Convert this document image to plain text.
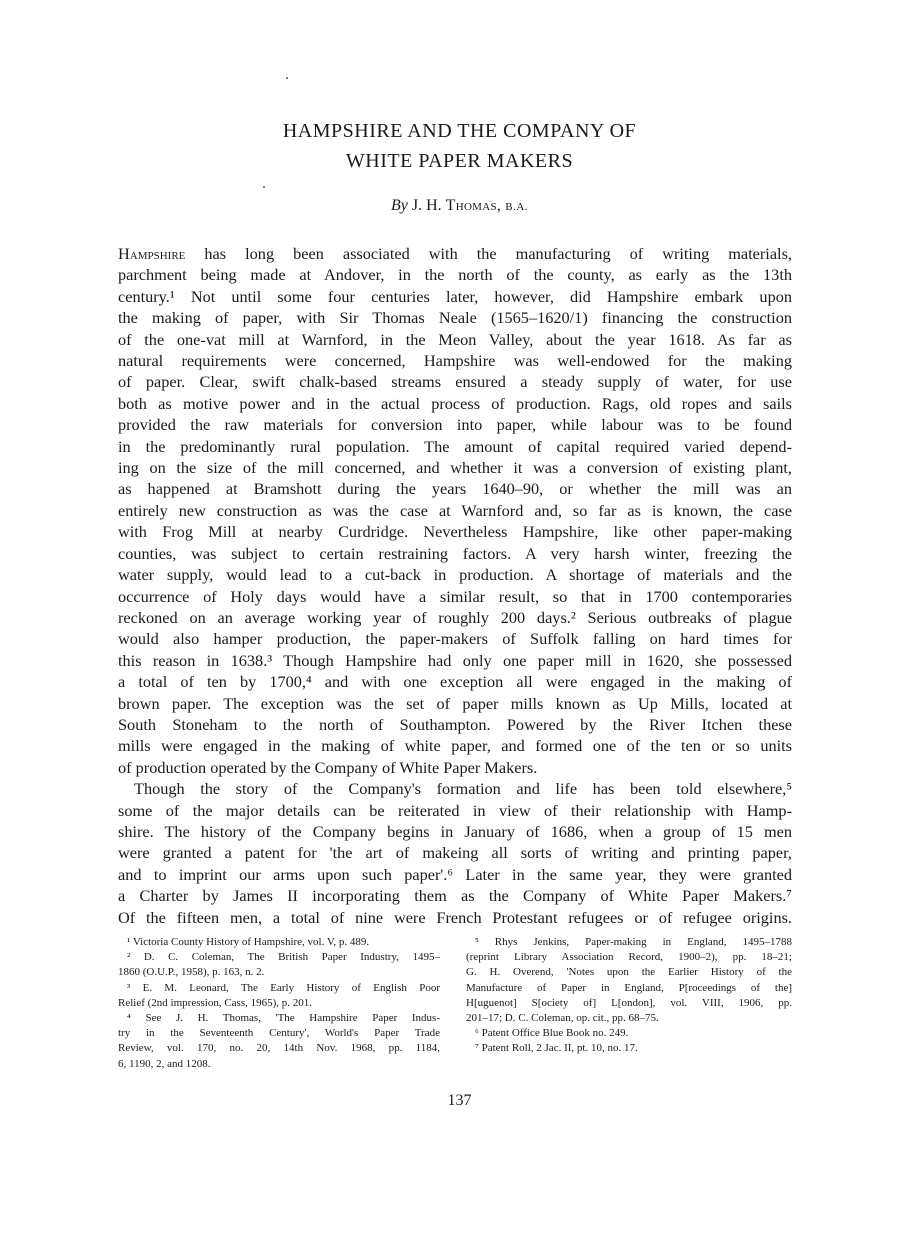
HAMPSHIRE AND THE COMPANY OF
WHITE PAPER MAKERS
By J. H. Thomas, B.A.
Hampshire has long been associated with the manufacturing of writing materials,
parchment being made at Andover, in the north of the county, as early as the 13th
century.¹ Not until some four centuries later, however, did Hampshire embark upon
the making of paper, with Sir Thomas Neale (1565–1620/1) financing the construction
of the one-vat mill at Warnford, in the Meon Valley, about the year 1618. As far as
natural requirements were concerned, Hampshire was well-endowed for the making
of paper. Clear, swift chalk-based streams ensured a steady supply of water, for use
both as motive power and in the actual process of production. Rags, old ropes and sails
provided the raw materials for conversion into paper, while labour was to be found
in the predominantly rural population. The amount of capital required varied depend-
ing on the size of the mill concerned, and whether it was a conversion of existing plant,
as happened at Bramshott during the years 1640–90, or whether the mill was an
entirely new construction as was the case at Warnford and, so far as is known, the case
with Frog Mill at nearby Curdridge. Nevertheless Hampshire, like other paper-making
counties, was subject to certain restraining factors. A very harsh winter, freezing the
water supply, would lead to a cut-back in production. A shortage of materials and the
occurrence of Holy days would have a similar result, so that in 1700 contemporaries
reckoned on an average working year of roughly 200 days.² Serious outbreaks of plague
would also hamper production, the paper-makers of Suffolk falling on hard times for
this reason in 1638.³ Though Hampshire had only one paper mill in 1620, she possessed
a total of ten by 1700,⁴ and with one exception all were engaged in the making of
brown paper. The exception was the set of paper mills known as Up Mills, located at
South Stoneham to the north of Southampton. Powered by the River Itchen these
mills were engaged in the making of white paper, and formed one of the ten or so units
of production operated by the Company of White Paper Makers.
Though the story of the Company's formation and life has been told elsewhere,⁵
some of the major details can be reiterated in view of their relationship with Hamp-
shire. The history of the Company begins in January of 1686, when a group of 15 men
were granted a patent for 'the art of makeing all sorts of writing and printing paper,
and to imprint our arms upon such paper'.⁶ Later in the same year, they were granted
a Charter by James II incorporating them as the Company of White Paper Makers.⁷
Of the fifteen men, a total of nine were French Protestant refugees or of refugee origins.
¹ Victoria County History of Hampshire, vol. V, p. 489.
² D. C. Coleman, The British Paper Industry, 1495–
1860 (O.U.P., 1958), p. 163, n. 2.
³ E. M. Leonard, The Early History of English Poor
Relief (2nd impression, Cass, 1965), p. 201.
⁴ See J. H. Thomas, 'The Hampshire Paper Indus-
try in the Seventeenth Century', World's Paper Trade
Review, vol. 170, no. 20, 14th Nov. 1968, pp. 1184,
6, 1190, 2, and 1208.
⁵ Rhys Jenkins, Paper-making in England, 1495–1788
(reprint Library Association Record, 1900–2), pp. 18–21;
G. H. Overend, 'Notes upon the Earlier History of the
Manufacture of Paper in England, P[roceedings of the]
H[uguenot] S[ociety of] L[ondon], vol. VIII, 1906, pp.
201–17; D. C. Coleman, op. cit., pp. 68–75.
⁶ Patent Office Blue Book no. 249.
⁷ Patent Roll, 2 Jac. II, pt. 10, no. 17.
137
